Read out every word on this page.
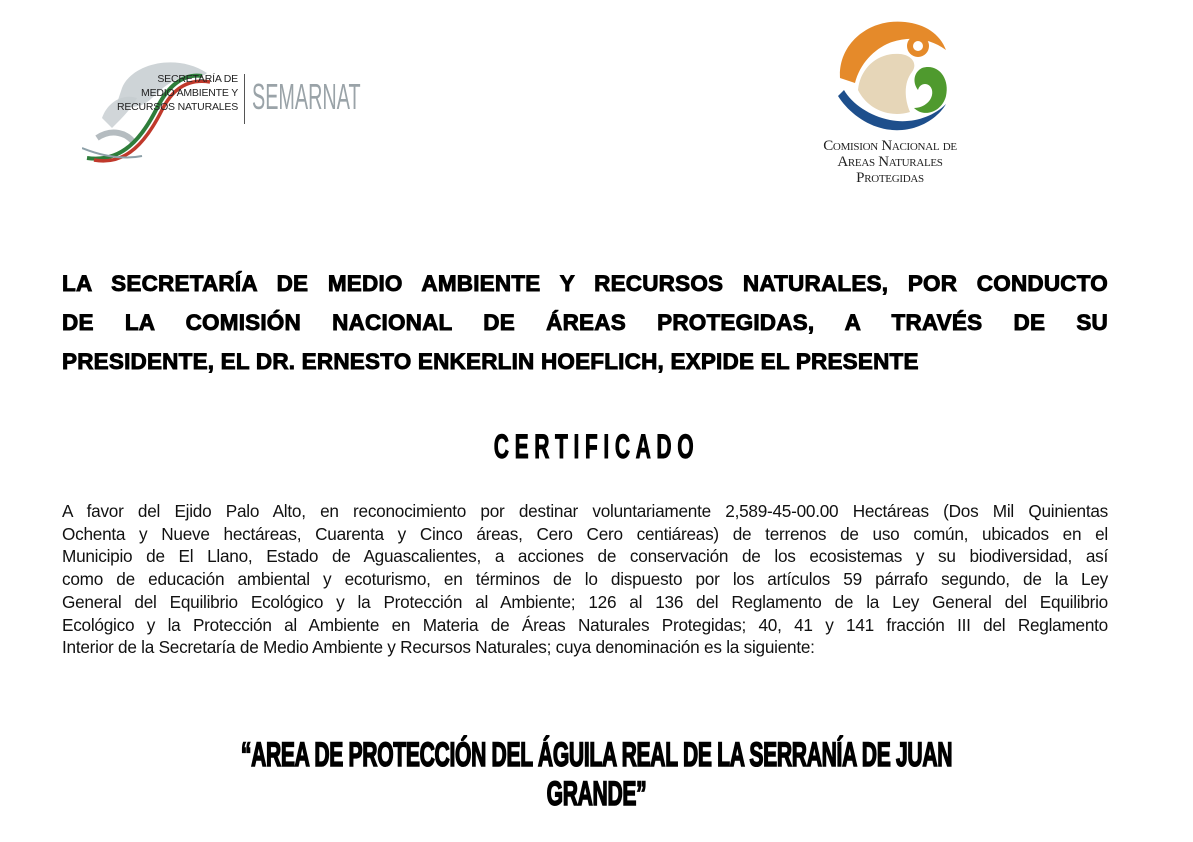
SECRETARÍA DE
MEDIO AMBIENTE Y
RECURSOS NATURALES SEMARNAT
Comision Nacional de
Areas Naturales
Protegidas
LA SECRETARÍA DE MEDIO AMBIENTE Y RECURSOS NATURALES, POR CONDUCTO
DE LA COMISIÓN NACIONAL DE ÁREAS PROTEGIDAS, A TRAVÉS DE SU
PRESIDENTE, EL DR. ERNESTO ENKERLIN HOEFLICH, EXPIDE EL PRESENTE
CERTIFICADO
A favor del Ejido Palo Alto, en reconocimiento por destinar voluntariamente 2,589-45-00.00 Hectáreas (Dos Mil Quinientas
Ochenta y Nueve hectáreas, Cuarenta y Cinco áreas, Cero Cero centiáreas) de terrenos de uso común, ubicados en el
Municipio de El Llano, Estado de Aguascalientes, a acciones de conservación de los ecosistemas y su biodiversidad, así
como de educación ambiental y ecoturismo, en términos de lo dispuesto por los artículos 59 párrafo segundo, de la Ley
General del Equilibrio Ecológico y la Protección al Ambiente; 126 al 136 del Reglamento de la Ley General del Equilibrio
Ecológico y la Protección al Ambiente en Materia de Áreas Naturales Protegidas; 40, 41 y 141 fracción III del Reglamento
Interior de la Secretaría de Medio Ambiente y Recursos Naturales; cuya denominación es la siguiente:
“AREA DE PROTECCIÓN DEL ÁGUILA REAL DE LA SERRANÍA DE JUAN GRANDE”
